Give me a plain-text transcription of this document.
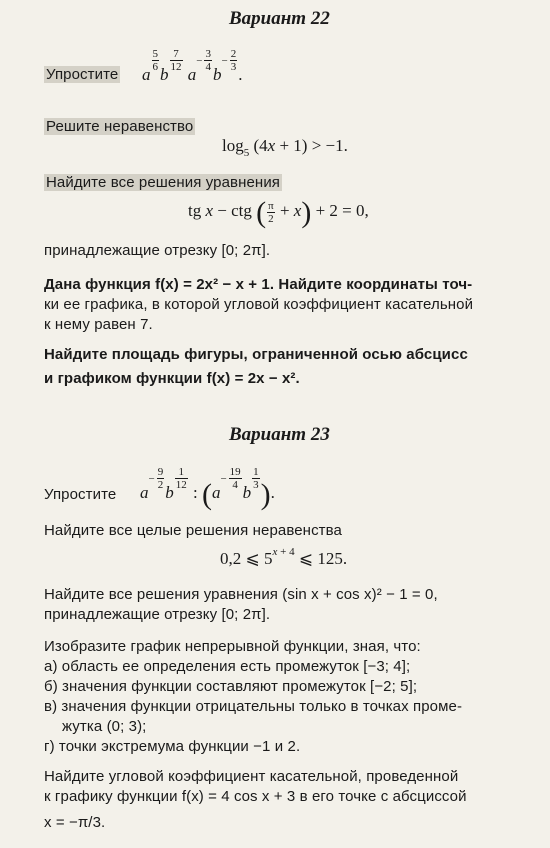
Вариант 22
Упростите a
$\frac{5}{6}$
b
$\frac{7}{12}$
$a^- \frac{3}{4}$
$b^- \frac{2}{3}$
.
Решите неравенство
$\log_5 (4x + 1) > -1$.
Найдите все решения уравнения
tg x − ctg ( $\frac{\pi}{2} + x) + 2 = 0$,
принадлежащие отрезку [0; 2π].
Дана функция f(x) = 2x² − x + 1. Найдите координаты точ-
ки ее графика, в которой угловой коэффициент касательной
к нему равен 7.
Найдите площадь фигуры, ограниченной осью абсцисс
и графиком функции f(x) = 2x − x².
Вариант 23
Упростите $a^- \frac{9}{2}$
b
$\frac{1}{12}$
: ($a^- \frac{19}{4}$
b
$\frac{1}{3}$ ).
Найдите все целые решения неравенства
0,2 ⩽ $5^{x + 4}$ ⩽ 125.
Найдите все решения уравнения (sin x + cos x)² − 1 = 0,
принадлежащие отрезку [0; 2π].
Изобразите график непрерывной функции, зная, что:
а) область ее определения есть промежуток [−3; 4];
б) значения функции составляют промежуток [−2; 5];
в) значения функции отрицательны только в точках проме-
жутка (0; 3);
г) точки экстремума функции −1 и 2.
Найдите угловой коэффициент касательной, проведенной
к графику функции f(x) = 4 cos x + 3 в его точке с абсциссой
x = −π/3.
